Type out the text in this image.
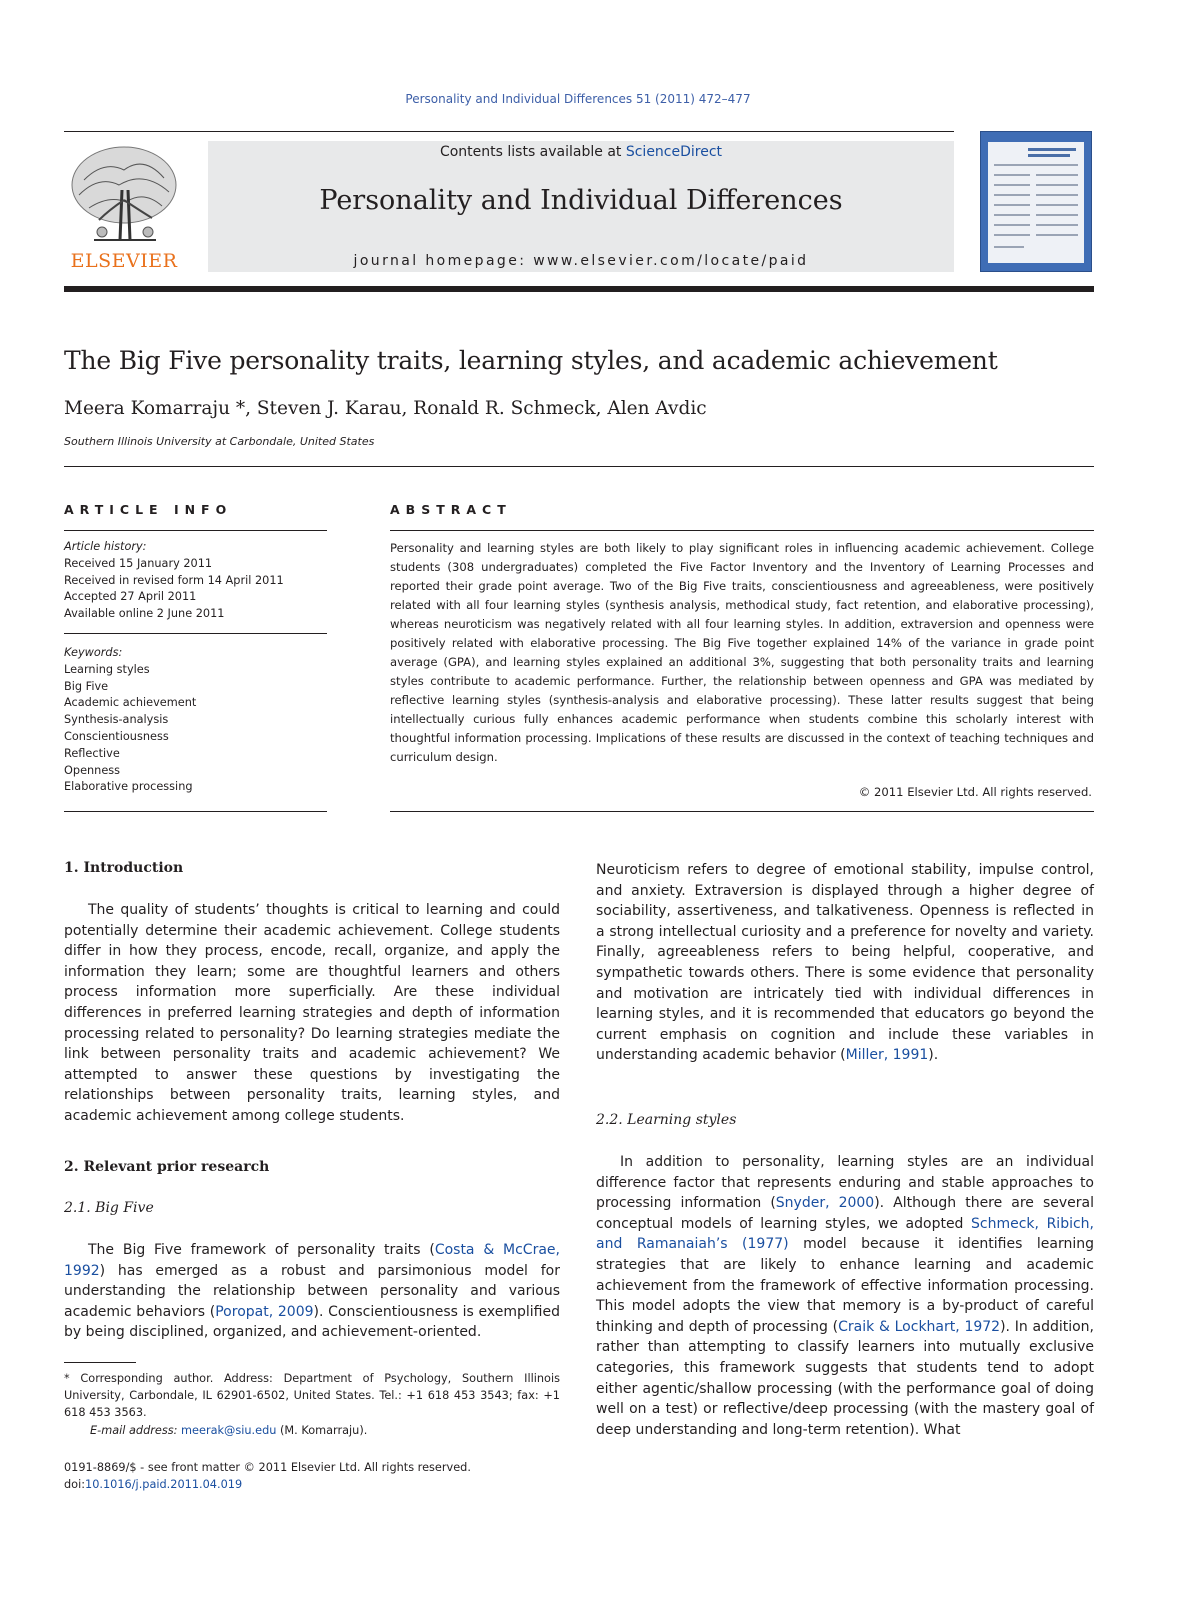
Personality and Individual Differences 51 (2011) 472–477
ELSEVIER
Contents lists available at ScienceDirect
Personality and Individual Differences
journal homepage: www.elsevier.com/locate/paid
The Big Five personality traits, learning styles, and academic achievement
Meera Komarraju *, Steven J. Karau, Ronald R. Schmeck, Alen Avdic
Southern Illinois University at Carbondale, United States
ARTICLE INFO	ABSTRACT
Article history:
Received 15 January 2011
Received in revised form 14 April 2011
Accepted 27 April 2011
Available online 2 June 2011
Keywords:
Learning styles
Big Five
Academic achievement
Synthesis-analysis
Conscientiousness
Reflective
Openness
Elaborative processing
Personality and learning styles are both likely to play significant roles in influencing academic achievement. College students (308 undergraduates) completed the Five Factor Inventory and the Inventory of Learning Processes and reported their grade point average. Two of the Big Five traits, conscientiousness and agreeableness, were positively related with all four learning styles (synthesis analysis, methodical study, fact retention, and elaborative processing), whereas neuroticism was negatively related with all four learning styles. In addition, extraversion and openness were positively related with elaborative processing. The Big Five together explained 14% of the variance in grade point average (GPA), and learning styles explained an additional 3%, suggesting that both personality traits and learning styles contribute to academic performance. Further, the relationship between openness and GPA was mediated by reflective learning styles (synthesis-analysis and elaborative processing). These latter results suggest that being intellectually curious fully enhances academic performance when students combine this scholarly interest with thoughtful information processing. Implications of these results are discussed in the context of teaching techniques and curriculum design.
© 2011 Elsevier Ltd. All rights reserved.
1. Introduction
The quality of students’ thoughts is critical to learning and could potentially determine their academic achievement. College students differ in how they process, encode, recall, organize, and apply the information they learn; some are thoughtful learners and others process information more superficially. Are these individual differences in preferred learning strategies and depth of information processing related to personality? Do learning strategies mediate the link between personality traits and academic achievement? We attempted to answer these questions by investigating the relationships between personality traits, learning styles, and academic achievement among college students.
2. Relevant prior research
2.1. Big Five
The Big Five framework of personality traits (Costa & McCrae, 1992) has emerged as a robust and parsimonious model for understanding the relationship between personality and various academic behaviors (Poropat, 2009). Conscientiousness is exemplified by being disciplined, organized, and achievement-oriented.
Neuroticism refers to degree of emotional stability, impulse control, and anxiety. Extraversion is displayed through a higher degree of sociability, assertiveness, and talkativeness. Openness is reflected in a strong intellectual curiosity and a preference for novelty and variety. Finally, agreeableness refers to being helpful, cooperative, and sympathetic towards others. There is some evidence that personality and motivation are intricately tied with individual differences in learning styles, and it is recommended that educators go beyond the current emphasis on cognition and include these variables in understanding academic behavior (Miller, 1991).
2.2. Learning styles
In addition to personality, learning styles are an individual difference factor that represents enduring and stable approaches to processing information (Snyder, 2000). Although there are several conceptual models of learning styles, we adopted Schmeck, Ribich, and Ramanaiah’s (1977) model because it identifies learning strategies that are likely to enhance learning and academic achievement from the framework of effective information processing. This model adopts the view that memory is a by-product of careful thinking and depth of processing (Craik & Lockhart, 1972). In addition, rather than attempting to classify learners into mutually exclusive categories, this framework suggests that students tend to adopt either agentic/shallow processing (with the performance goal of doing well on a test) or reflective/deep processing (with the mastery goal of deep understanding and long-term retention). What
* Corresponding author. Address: Department of Psychology, Southern Illinois University, Carbondale, IL 62901-6502, United States. Tel.: +1 618 453 3543; fax: +1 618 453 3563.
E-mail address: meerak@siu.edu (M. Komarraju).
0191-8869/$ - see front matter © 2011 Elsevier Ltd. All rights reserved.
doi:10.1016/j.paid.2011.04.019
